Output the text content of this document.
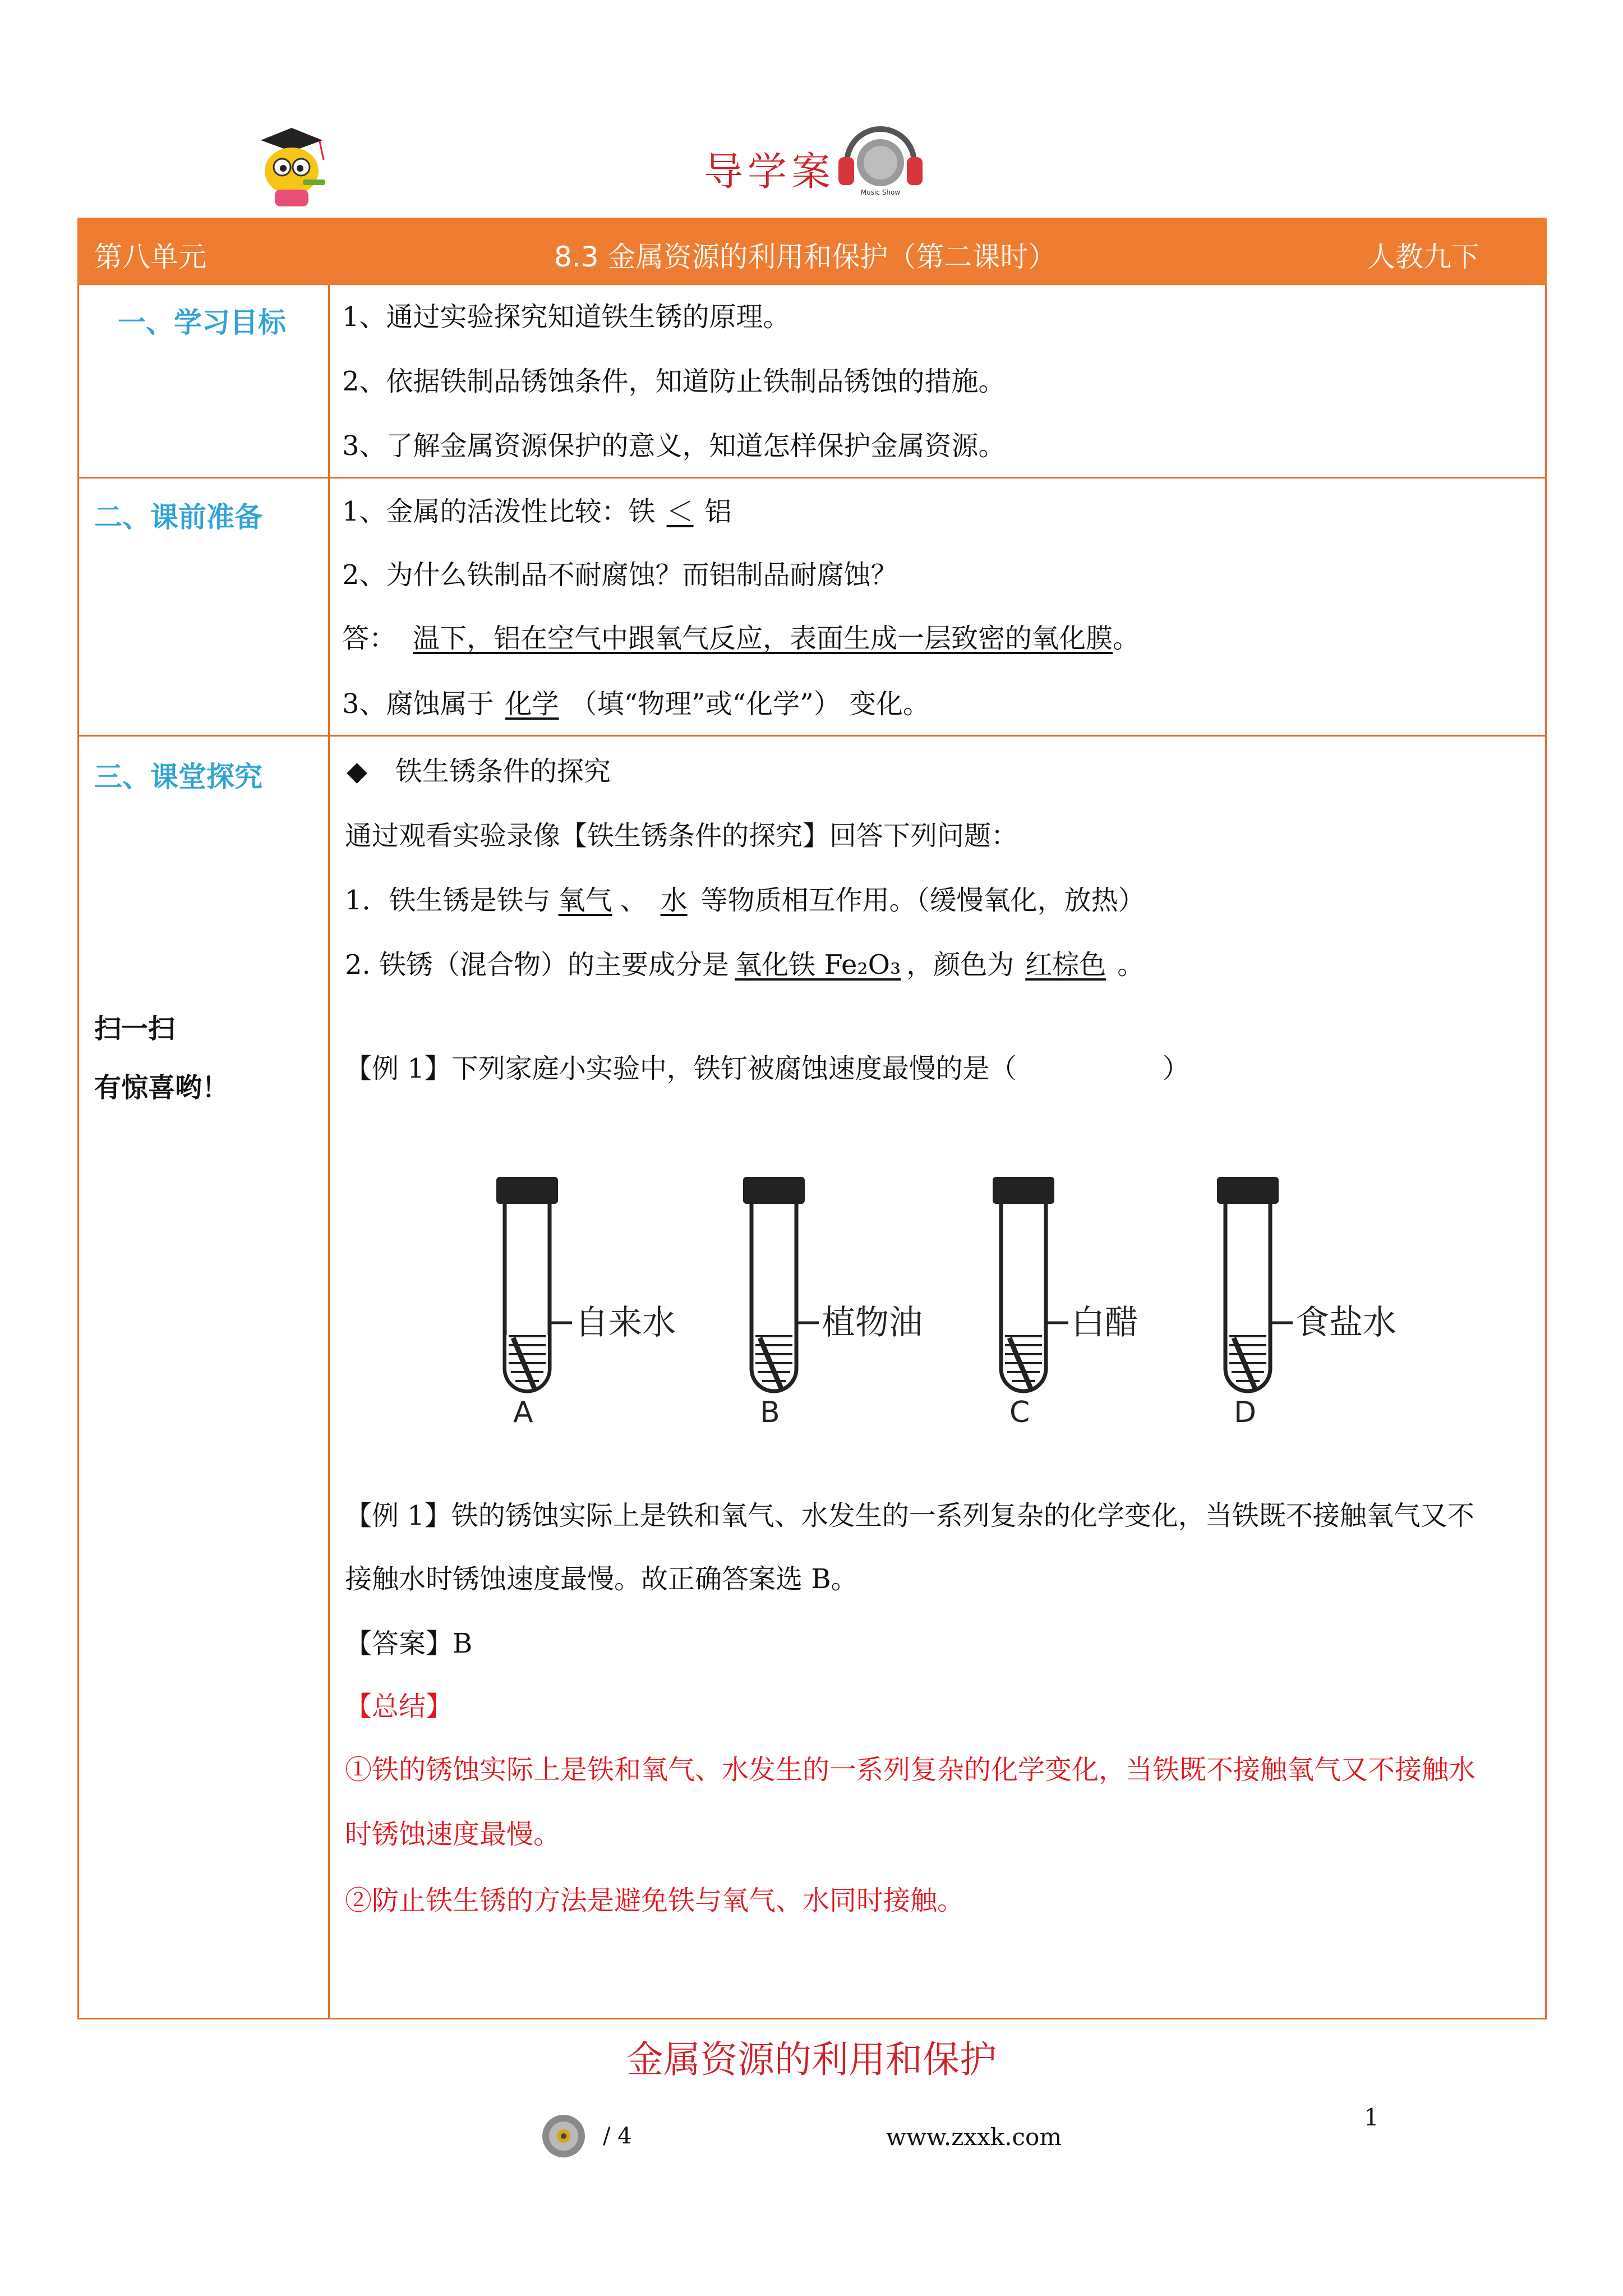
导学案	Music Show
第八单元	8.3 金属资源的利用和保护（第二课时）	人教九下
一、学习目标 1、通过实验探究知道铁生锈的原理。
2、依据铁制品锈蚀条件，知道防止铁制品锈蚀的措施。
3、了解金属资源保护的意义，知道怎样保护金属资源。
二、课前准备	1、金属的活泼性比较：铁 ＜ 铝
2、为什么铁制品不耐腐蚀？而铝制品耐腐蚀？
答： 温下，铝在空气中跟氧气反应，表面生成一层致密的氧化膜。
3、腐蚀属于 化学 （填“物理”或“化学”） 变化。
三、课堂探究
扫一扫
有惊喜哟！
◆ 铁生锈条件的探究
通过观看实验录像【铁生锈条件的探究】回答下列问题：
1．铁生锈是铁与 氧气 、 水 等物质相互作用。（缓慢氧化，放热）
2. 铁锈（混合物）的主要成分是 氧化铁 Fe₂O₃ ，颜色为 红棕色 。
【例 1】下列家庭小实验中，铁钉被腐蚀速度最慢的是（	）
自来水
A
植物油
B
白醋
C
食盐水
D
【例 1】铁的锈蚀实际上是铁和氧气、水发生的一系列复杂的化学变化，当铁既不接触氧气又不
接触水时锈蚀速度最慢。故正确答案选 B。
【答案】B
【总结】
①铁的锈蚀实际上是铁和氧气、水发生的一系列复杂的化学变化，当铁既不接触氧气又不接触水
时锈蚀速度最慢。
②防止铁生锈的方法是避免铁与氧气、水同时接触。
金属资源的利用和保护
/ 4	www.zxxk.com
1
